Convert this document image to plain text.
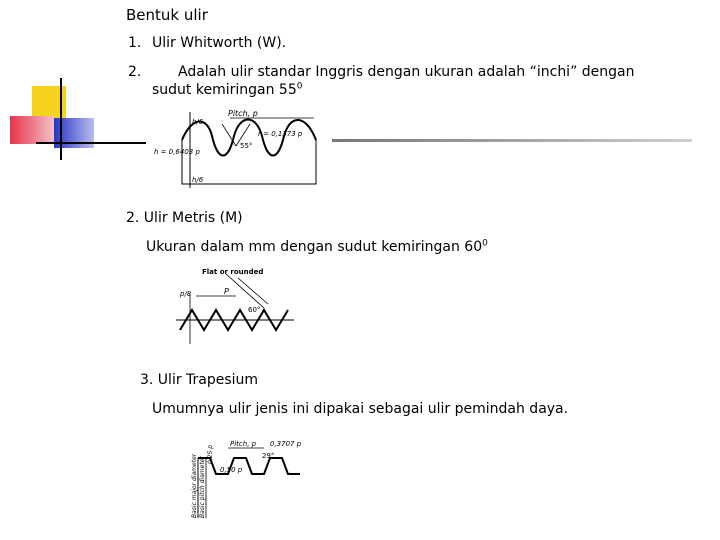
Bentuk ulir
1. Ulir Whitworth (W).
2.	Adalah ulir standar Inggris dengan ukuran adalah “inchi” dengan
sudut kemiringan $55^0$
Pitch, p
r = 0,1373 p
55°
h = 0,6403 p
h/6
h/6
2. Ulir Metris (M)
Ukuran dalam mm dengan sudut kemiringan $60^0$
Flat or rounded
p/8	P
60°
3. Ulir Trapesium
Umumnya ulir jenis ini dipakai sebagai ulir pemindah daya.
Pitch, p 0,3707 p
29°
0,50 p
0,25 p
Basic major diameter Basic pitch diameter
